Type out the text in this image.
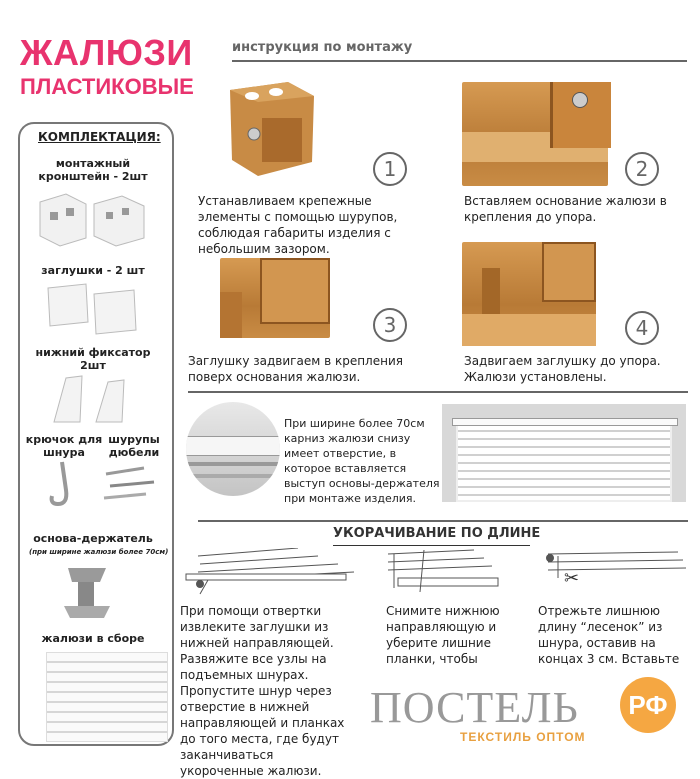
ЖАЛЮЗИ
ПЛАСТИКОВЫЕ
инструкция по монтажу
КОМПЛЕКТАЦИЯ:
монтажный кронштейн - 2шт
заглушки - 2 шт
нижний фиксатор 2шт
крючок для шнура
шурупы дюбели
основа-держатель
(при ширине жалюзи более 70см)
жалюзи в сборе
1
Устанавливаем крепежные элементы с помощью шурупов, соблюдая габариты изделия с небольшим зазором.
2
Вставляем основание жалюзи в крепления до упора.
3
Заглушку задвигаем в крепления поверх основания жалюзи.
4
Задвигаем заглушку до упора. Жалюзи установлены.
При ширине более 70см карниз жалюзи снизу имеет отверстие, в которое вставляется выступ основы-держателя при монтаже изделия.
УКОРАЧИВАНИЕ ПО ДЛИНЕ
✂
При помощи отвертки извлеките заглушки из нижней направляющей. Развяжите все узлы на подъемных шнурах. Пропустите шнур через отверстие в нижней направляющей и планках до того места, где будут заканчиваться укороченные жалюзи.
Снимите нижнюю направляющую и уберите лишние планки, чтобы
Отрежьте лишнюю длину “лесенок” из шнура, оставив на концах 3 см. Вставьте
ПОСТЕЛЬ	РФ
ТЕКСТИЛЬ ОПТОМ
